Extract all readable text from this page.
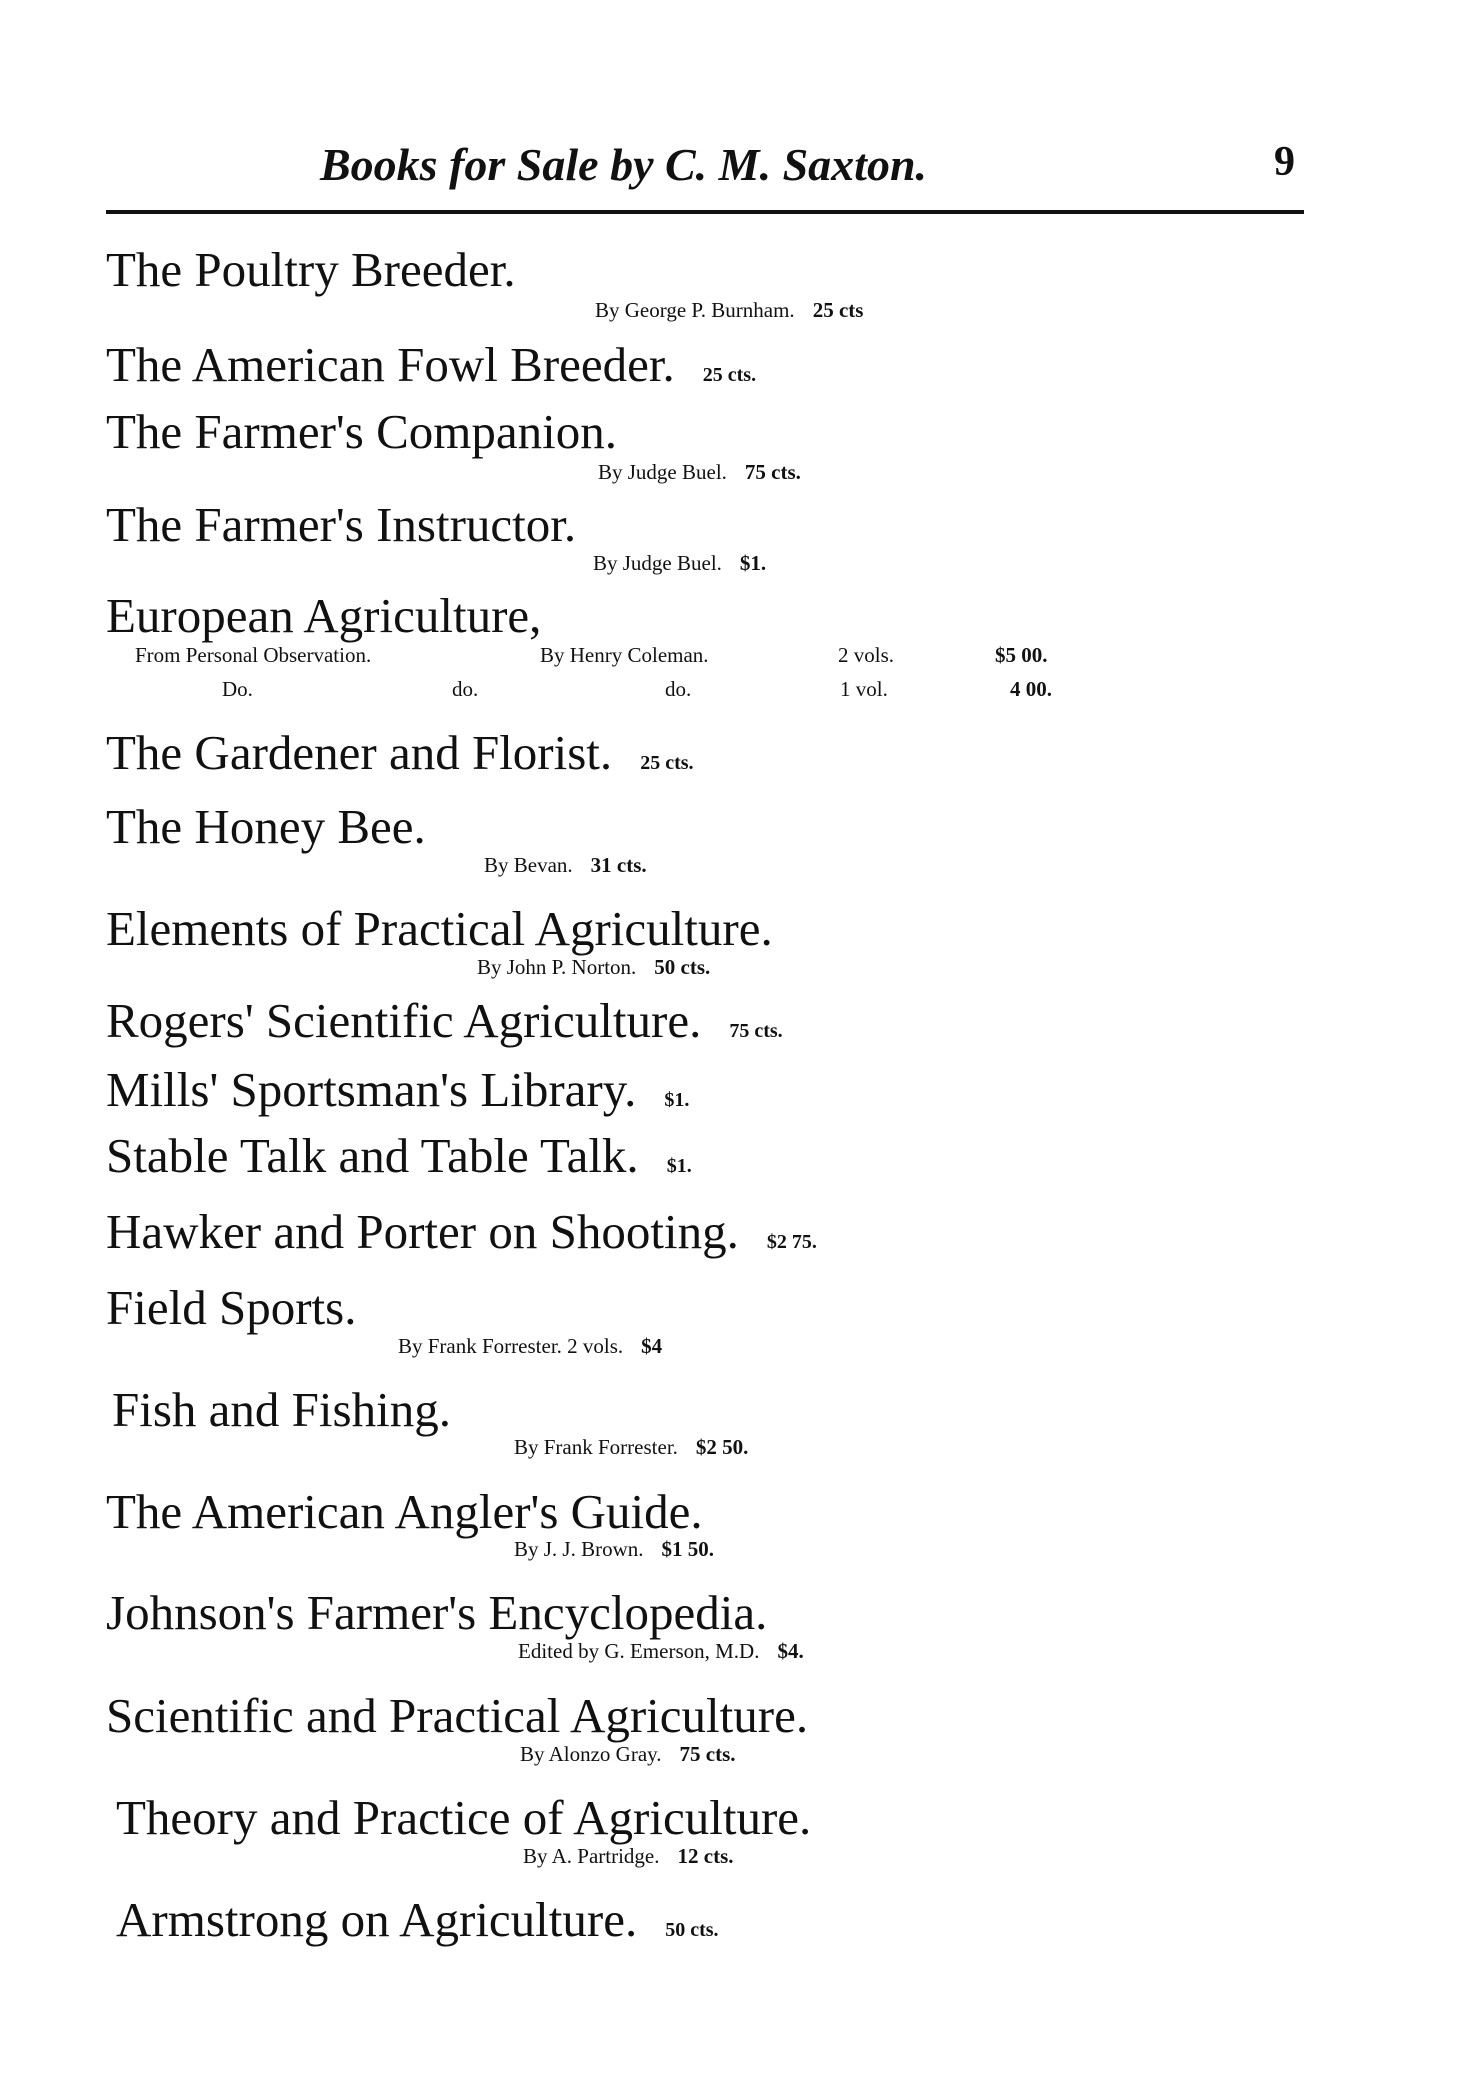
Books for Sale by C. M. Saxton.	9
The Poultry Breeder.
By George P. Burnham. 25 cts
The American Fowl Breeder. 25 cts.
The Farmer's Companion.
By Judge Buel. 75 cts.
The Farmer's Instructor.
By Judge Buel. $1.
European Agriculture,
From Personal Observation.	By Henry Coleman.	2 vols.	$5 00.
Do.	do.	do.	1 vol.	4 00.
The Gardener and Florist. 25 cts.
The Honey Bee.
By Bevan. 31 cts.
Elements of Practical Agriculture.
By John P. Norton. 50 cts.
Rogers' Scientific Agriculture. 75 cts.
Mills' Sportsman's Library. $1.
Stable Talk and Table Talk. $1.
Hawker and Porter on Shooting. $2 75.
Field Sports.
By Frank Forrester. 2 vols. $4
Fish and Fishing.
By Frank Forrester. $2 50.
The American Angler's Guide.
By J. J. Brown. $1 50.
Johnson's Farmer's Encyclopedia.
Edited by G. Emerson, M.D. $4.
Scientific and Practical Agriculture.
By Alonzo Gray. 75 cts.
Theory and Practice of Agriculture.
By A. Partridge. 12 cts.
Armstrong on Agriculture. 50 cts.
